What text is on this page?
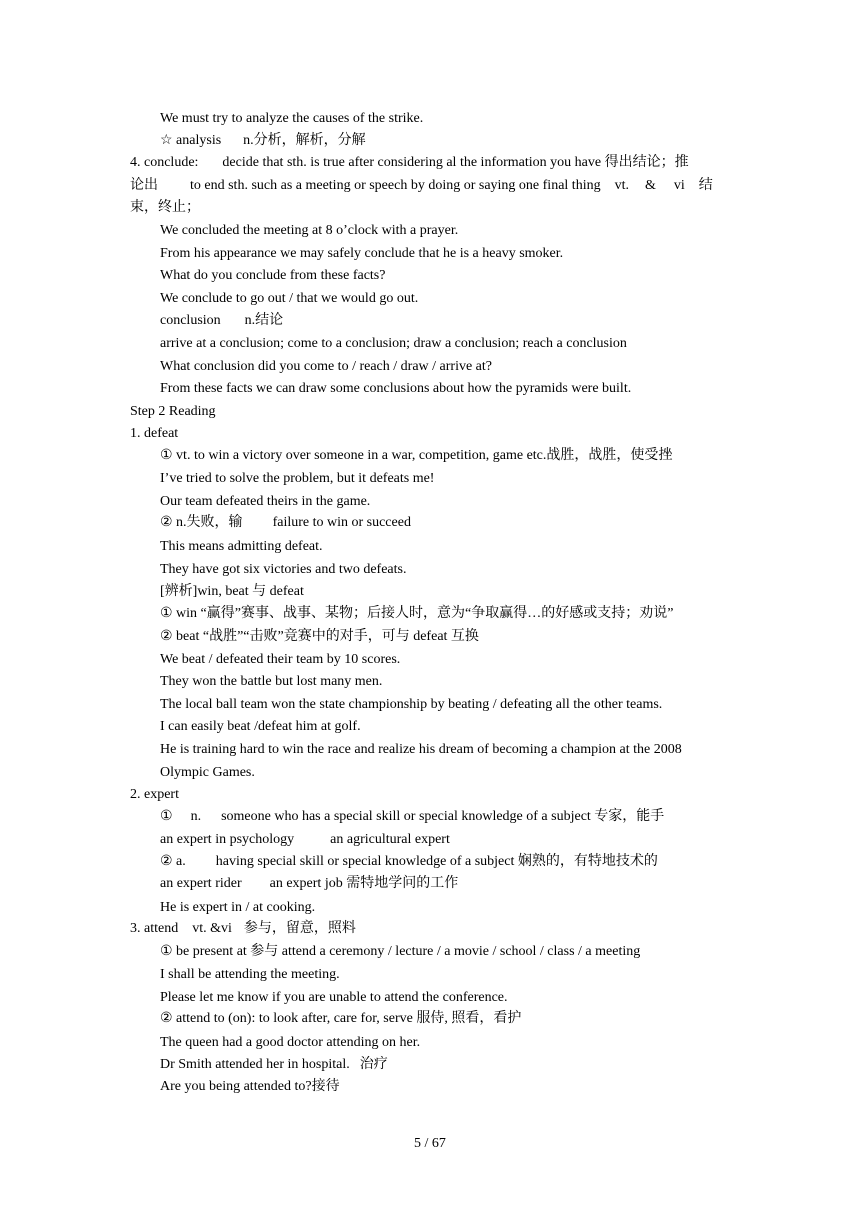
We must try to analyze the causes of the strike.
☆ analysis n.分析，解析，分解
4. conclude: decide that sth. is true after considering al the information you have 得出结论；推
论出 to end sth. such as a meeting or speech by doing or saying one final thing vt. & vi 结
束，终止；
We concluded the meeting at 8 o’clock with a prayer.
From his appearance we may safely conclude that he is a heavy smoker.
What do you conclude from these facts?
We conclude to go out / that we would go out.
conclusion n.结论
arrive at a conclusion; come to a conclusion; draw a conclusion; reach a conclusion
What conclusion did you come to / reach / draw / arrive at?
From these facts we can draw some conclusions about how the pyramids were built.
Step 2 Reading
1. defeat
① vt. to win a victory over someone in a war, competition, game etc.战胜，战胜，使受挫
I’ve tried to solve the problem, but it defeats me!
Our team defeated theirs in the game.
② n.失败，输 failure to win or succeed
This means admitting defeat.
They have got six victories and two defeats.
[辨析]win, beat 与 defeat
① win “赢得”赛事、战事、某物；后接人时，意为“争取赢得…的好感或支持；劝说”
② beat “战胜”“击败”竞赛中的对手，可与 defeat 互换
We beat / defeated their team by 10 scores.
They won the battle but lost many men.
The local ball team won the state championship by beating / defeating all the other teams.
I can easily beat /defeat him at golf.
He is training hard to win the race and realize his dream of becoming a champion at the 2008
Olympic Games.
2. expert
① n. someone who has a special skill or special knowledge of a subject 专家，能手
an expert in psychology	an agricultural expert
② a. having special skill or special knowledge of a subject 娴熟的，有特地技术的
an expert rider an expert job 需特地学问的工作
He is expert in / at cooking.
3. attend vt. &vi 参与，留意，照料
① be present at 参与 attend a ceremony / lecture / a movie / school / class / a meeting
I shall be attending the meeting.
Please let me know if you are unable to attend the conference.
② attend to (on): to look after, care for, serve 服侍, 照看，看护
The queen had a good doctor attending on her.
Dr Smith attended her in hospital. 治疗
Are you being attended to?接待
5 / 67
